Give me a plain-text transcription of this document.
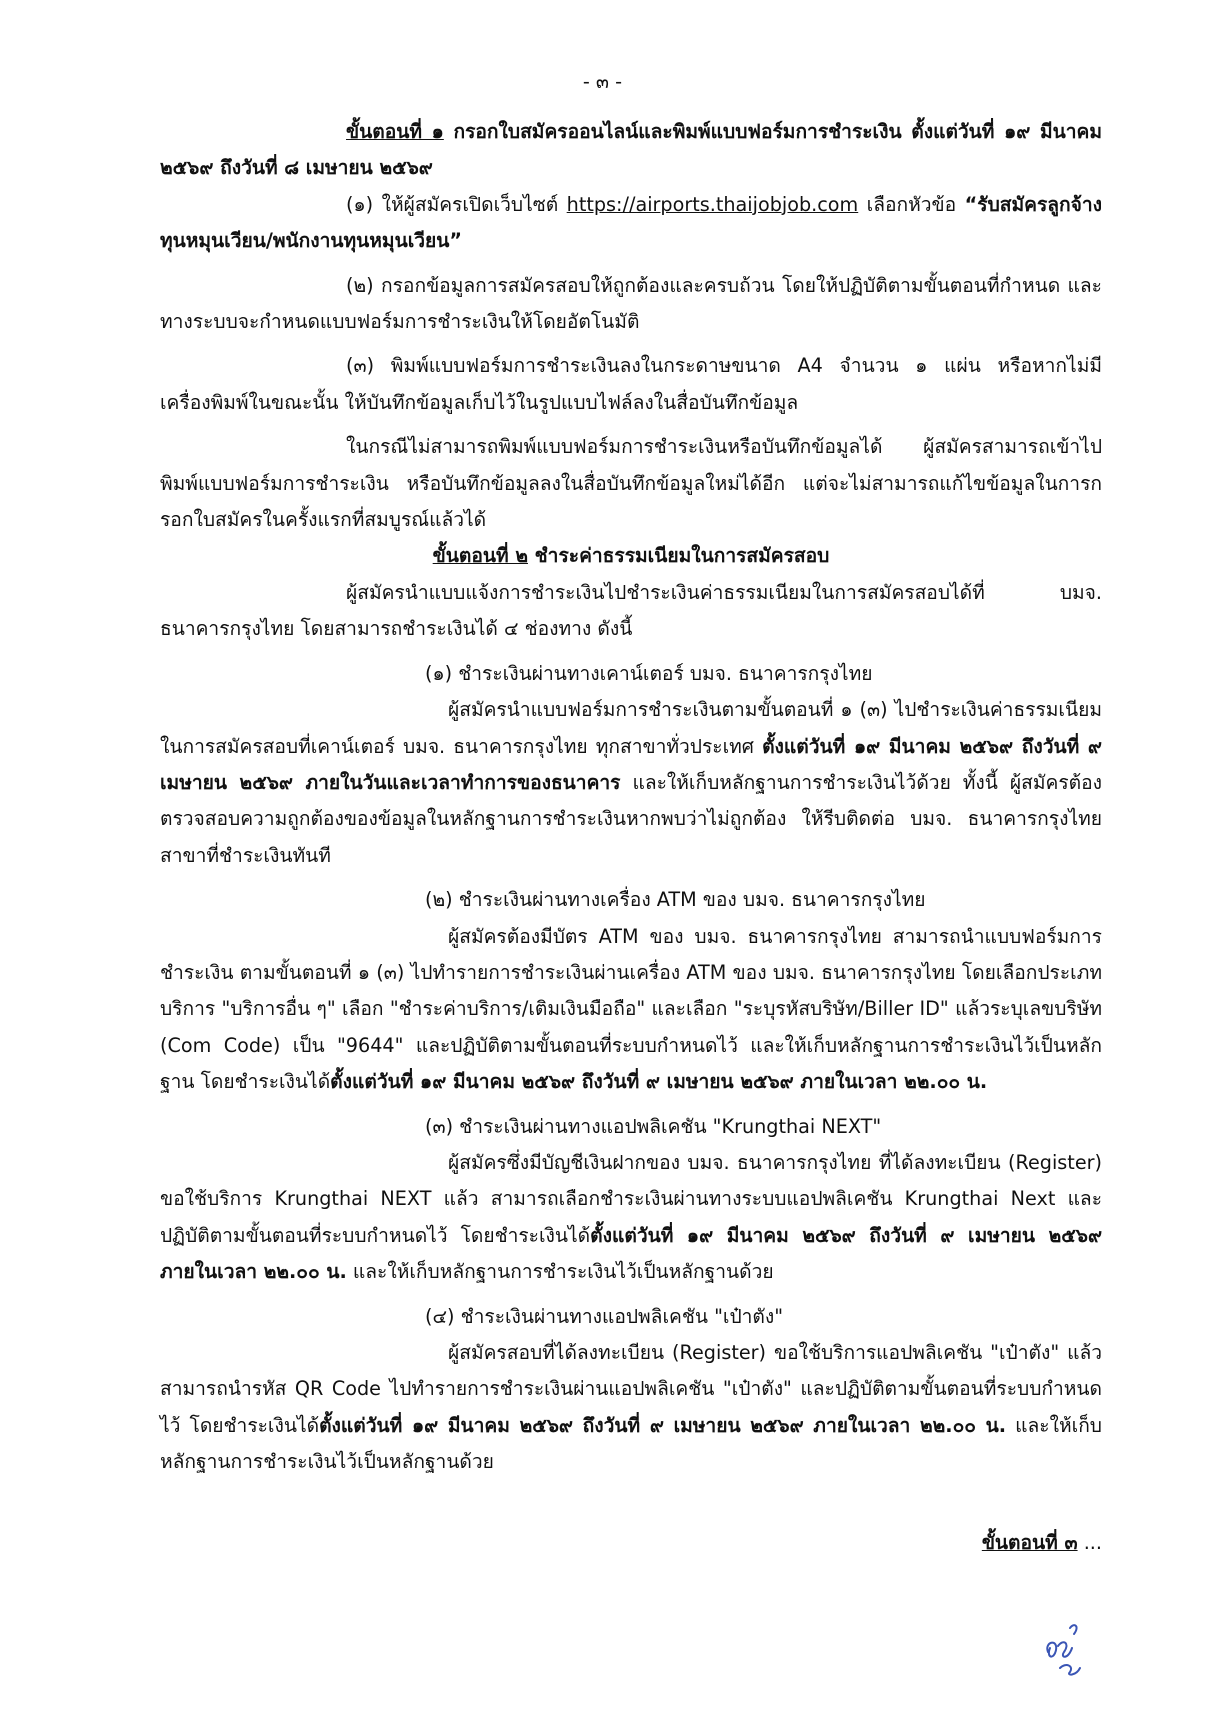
- ๓ -

ขั้นตอนที่ ๑ กรอกใบสมัครออนไลน์และพิมพ์แบบฟอร์มการชำระเงิน ตั้งแต่วันที่ ๑๙ มีนาคม ๒๕๖๙ ถึงวันที่ ๘ เมษายน ๒๕๖๙

(๑) ให้ผู้สมัครเปิดเว็บไซต์ https://airports.thaijobjob.com เลือกหัวข้อ “รับสมัครลูกจ้างทุนหมุนเวียน/พนักงานทุนหมุนเวียน”

(๒) กรอกข้อมูลการสมัครสอบให้ถูกต้องและครบถ้วน โดยให้ปฏิบัติตามขั้นตอนที่กำหนด และทางระบบจะกำหนดแบบฟอร์มการชำระเงินให้โดยอัตโนมัติ

(๓) พิมพ์แบบฟอร์มการชำระเงินลงในกระดาษขนาด A4 จำนวน ๑ แผ่น หรือหากไม่มีเครื่องพิมพ์ในขณะนั้น ให้บันทึกข้อมูลเก็บไว้ในรูปแบบไฟล์ลงในสื่อบันทึกข้อมูล

ในกรณีไม่สามารถพิมพ์แบบฟอร์มการชำระเงินหรือบันทึกข้อมูลได้ ผู้สมัครสามารถเข้าไปพิมพ์แบบฟอร์มการชำระเงิน หรือบันทึกข้อมูลลงในสื่อบันทึกข้อมูลใหม่ได้อีก แต่จะไม่สามารถแก้ไขข้อมูลในการกรอกใบสมัครในครั้งแรกที่สมบูรณ์แล้วได้

ขั้นตอนที่ ๒ ชำระค่าธรรมเนียมในการสมัครสอบ

ผู้สมัครนำแบบแจ้งการชำระเงินไปชำระเงินค่าธรรมเนียมในการสมัครสอบได้ที่ บมจ. ธนาคารกรุงไทย โดยสามารถชำระเงินได้ ๔ ช่องทาง ดังนี้

(๑) ชำระเงินผ่านทางเคาน์เตอร์ บมจ. ธนาคารกรุงไทย

ผู้สมัครนำแบบฟอร์มการชำระเงินตามขั้นตอนที่ ๑ (๓) ไปชำระเงินค่าธรรมเนียมในการสมัครสอบที่เคาน์เตอร์ บมจ. ธนาคารกรุงไทย ทุกสาขาทั่วประเทศ ตั้งแต่วันที่ ๑๙ มีนาคม ๒๕๖๙ ถึงวันที่ ๙ เมษายน ๒๕๖๙ ภายในวันและเวลาทำการของธนาคาร และให้เก็บหลักฐานการชำระเงินไว้ด้วย ทั้งนี้ ผู้สมัครต้องตรวจสอบความถูกต้องของข้อมูลในหลักฐานการชำระเงินหากพบว่าไม่ถูกต้อง ให้รีบติดต่อ บมจ. ธนาคารกรุงไทย สาขาที่ชำระเงินทันที

(๒) ชำระเงินผ่านทางเครื่อง ATM ของ บมจ. ธนาคารกรุงไทย

ผู้สมัครต้องมีบัตร ATM ของ บมจ. ธนาคารกรุงไทย สามารถนำแบบฟอร์มการชำระเงิน ตามขั้นตอนที่ ๑ (๓) ไปทำรายการชำระเงินผ่านเครื่อง ATM ของ บมจ. ธนาคารกรุงไทย โดยเลือกประเภทบริการ "บริการอื่น ๆ" เลือก "ชำระค่าบริการ/เติมเงินมือถือ" และเลือก "ระบุรหัสบริษัท/Biller ID" แล้วระบุเลขบริษัท (Com Code) เป็น "9644" และปฏิบัติตามขั้นตอนที่ระบบกำหนดไว้ และให้เก็บหลักฐานการชำระเงินไว้เป็นหลักฐาน โดยชำระเงินได้ตั้งแต่วันที่ ๑๙ มีนาคม ๒๕๖๙ ถึงวันที่ ๙ เมษายน ๒๕๖๙ ภายในเวลา ๒๒.๐๐ น.

(๓) ชำระเงินผ่านทางแอปพลิเคชัน "Krungthai NEXT"

ผู้สมัครซึ่งมีบัญชีเงินฝากของ บมจ. ธนาคารกรุงไทย ที่ได้ลงทะเบียน (Register) ขอใช้บริการ Krungthai NEXT แล้ว สามารถเลือกชำระเงินผ่านทางระบบแอปพลิเคชัน Krungthai Next และปฏิบัติตามขั้นตอนที่ระบบกำหนดไว้ โดยชำระเงินได้ตั้งแต่วันที่ ๑๙ มีนาคม ๒๕๖๙ ถึงวันที่ ๙ เมษายน ๒๕๖๙ ภายในเวลา ๒๒.๐๐ น. และให้เก็บหลักฐานการชำระเงินไว้เป็นหลักฐานด้วย

(๔) ชำระเงินผ่านทางแอปพลิเคชัน "เป๋าตัง"

ผู้สมัครสอบที่ได้ลงทะเบียน (Register) ขอใช้บริการแอปพลิเคชัน "เป๋าตัง" แล้วสามารถนำรหัส QR Code ไปทำรายการชำระเงินผ่านแอปพลิเคชัน "เป๋าตัง" และปฏิบัติตามขั้นตอนที่ระบบกำหนดไว้ โดยชำระเงินได้ตั้งแต่วันที่ ๑๙ มีนาคม ๒๕๖๙ ถึงวันที่ ๙ เมษายน ๒๕๖๙ ภายในเวลา ๒๒.๐๐ น. และให้เก็บหลักฐานการชำระเงินไว้เป็นหลักฐานด้วย

ขั้นตอนที่ ๓ ...
